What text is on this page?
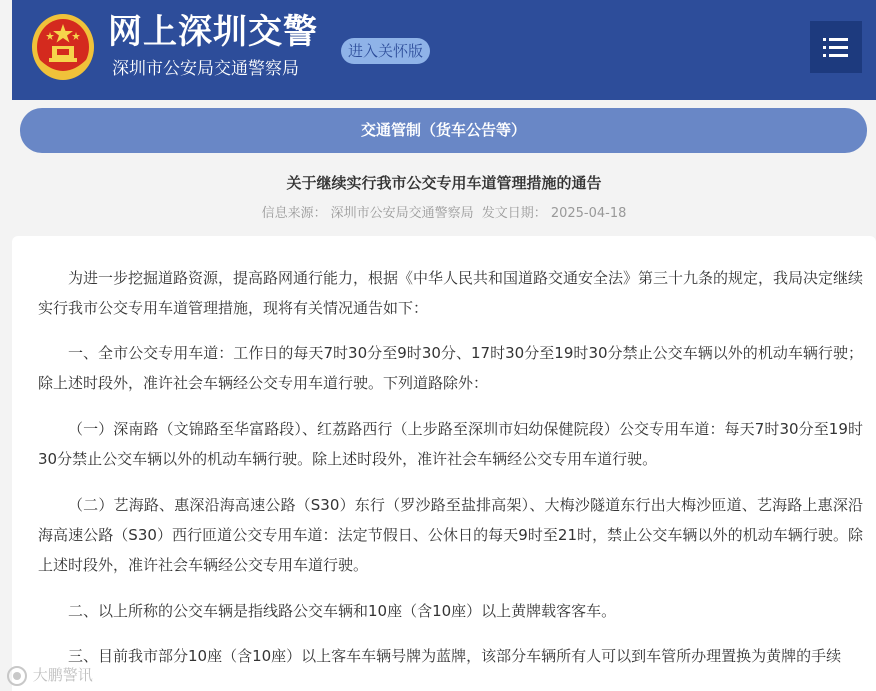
网上深圳交警
深圳市公安局交通警察局
进入关怀版
交通管制（货车公告等）
关于继续实行我市公交专用车道管理措施的通告
信息来源： 深圳市公安局交通警察局 发文日期： 2025-04-18

为进一步挖掘道路资源，提高路网通行能力，根据《中华人民共和国道路交通安全法》第三十九条的规定，我局决定继续实行我市公交专用车道管理措施，现将有关情况通告如下：

一、全市公交专用车道：工作日的每天7时30分至9时30分、17时30分至19时30分禁止公交车辆以外的机动车辆行驶；除上述时段外，准许社会车辆经公交专用车道行驶。下列道路除外：

（一）深南路（文锦路至华富路段）、红荔路西行（上步路至深圳市妇幼保健院段）公交专用车道：每天7时30分至19时30分禁止公交车辆以外的机动车辆行驶。除上述时段外，准许社会车辆经公交专用车道行驶。

（二）艺海路、惠深沿海高速公路（S30）东行（罗沙路至盐排高架）、大梅沙隧道东行出大梅沙匝道、艺海路上惠深沿海高速公路（S30）西行匝道公交专用车道：法定节假日、公休日的每天9时至21时，禁止公交车辆以外的机动车辆行驶。除上述时段外，准许社会车辆经公交专用车道行驶。

二、以上所称的公交车辆是指线路公交车辆和10座（含10座）以上黄牌载客客车。

三、目前我市部分10座（含10座）以上客车车辆号牌为蓝牌，该部分车辆所有人可以到车管所办理置换为黄牌的手续

大鹏警讯
